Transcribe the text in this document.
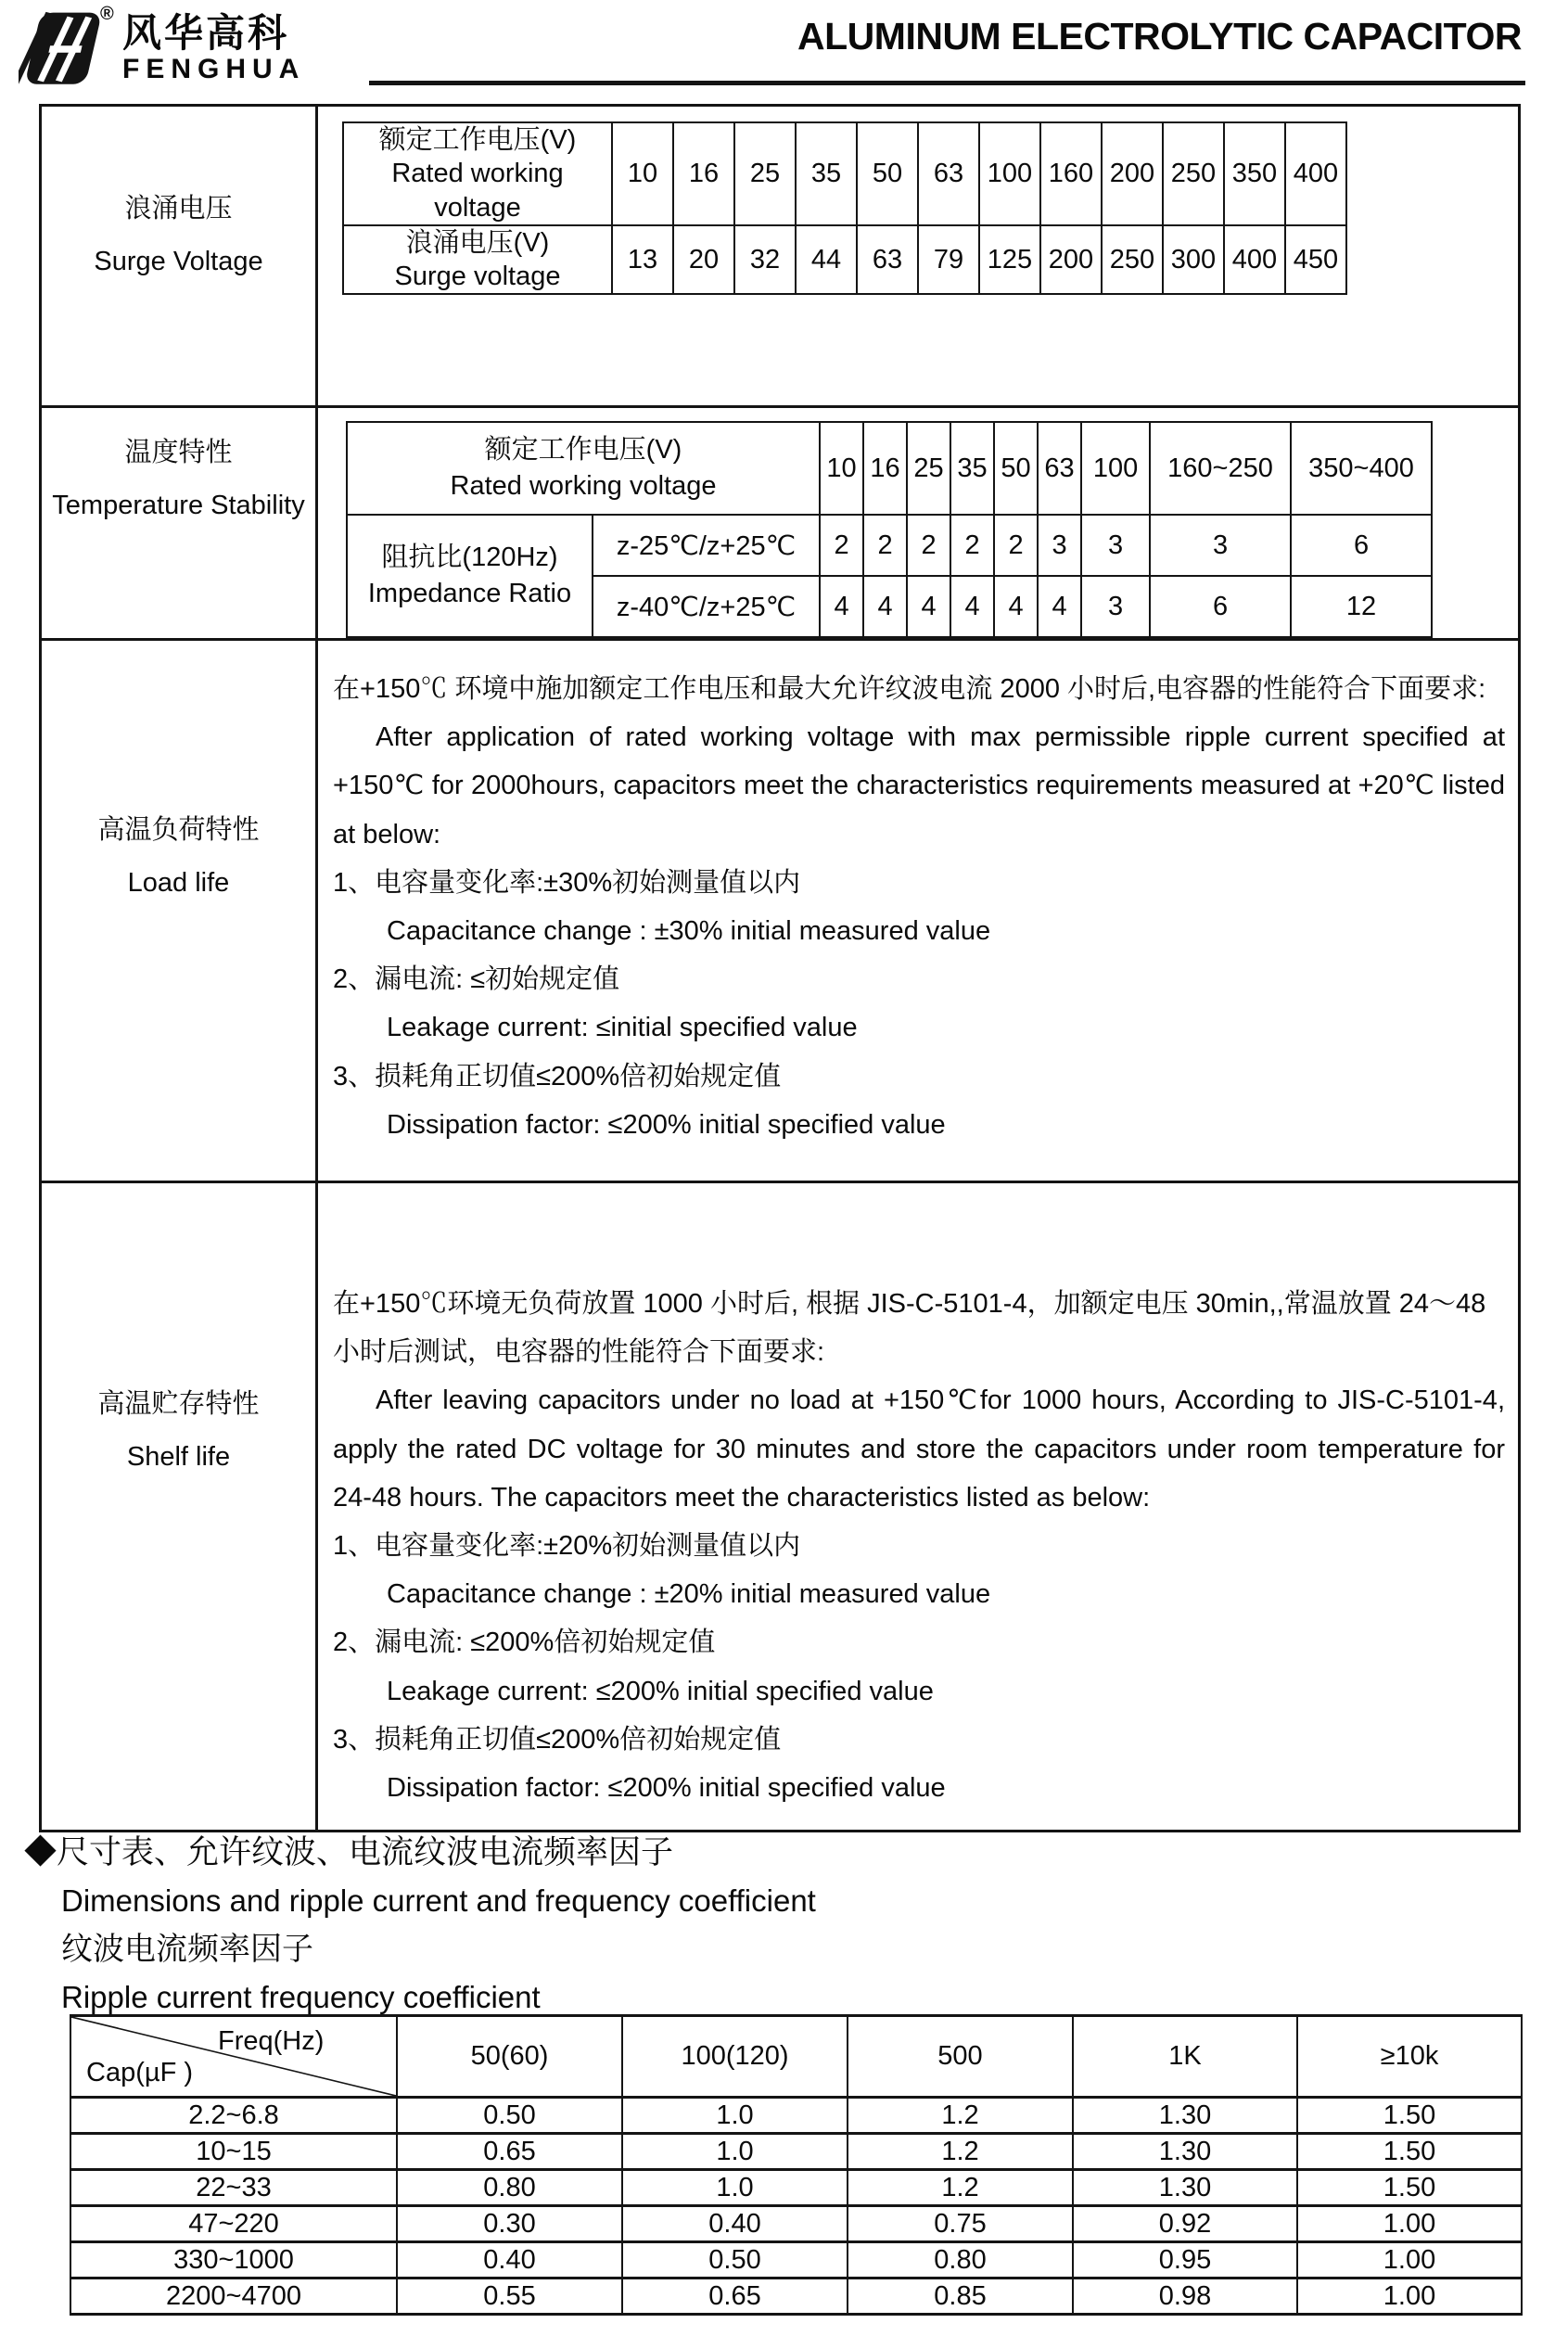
® 风华高科
FENGHUA
ALUMINUM ELECTROLYTIC CAPACITOR
浪涌电压
Surge Voltage

额定工作电压(V)
Rated working voltage
	10	16	25	35	50	63	100	160	200	250	350	400

浪涌电压(V)
Surge voltage
	13	20	32	44	63	79	125	200	250	300	400	450

温度特性
Temperature Stability

额定工作电压(V)
Rated working voltage
	10	16	25	35	50	63	100	160~250	350~400

阻抗比(120Hz)
Impedance Ratio
	z-25℃/z+25℃	2	2	2	2	2	3	3	3	6
z-40℃/z+25℃	4	4	4	4	4	4	3	6	12

高温负荷特性
Load life

在+150℃ 环境中施加额定工作电压和最大允许纹波电流 2000 小时后,电容器的性能符合下面要求:

After application of rated working voltage with max permissible ripple current specified at +150℃ for 2000hours, capacitors meet the characteristics requirements measured at +20℃ listed at below:

1、电容量变化率:±30%初始测量值以内

Capacitance change : ±30% initial measured value

2、漏电流: ≤初始规定值

Leakage current: ≤initial specified value

3、损耗角正切值≤200%倍初始规定值

Dissipation factor: ≤200% initial specified value

高温贮存特性
Shelf life

在+150℃环境无负荷放置 1000 小时后, 根据 JIS-C-5101-4，加额定电压 30min,,常温放置 24～48 小时后测试，电容器的性能符合下面要求:

After leaving capacitors under no load at +150℃for 1000 hours, According to JIS-C-5101-4, apply the rated DC voltage for 30 minutes and store the capacitors under room temperature for 24-48 hours. The capacitors meet the characteristics listed as below:

1、电容量变化率:±20%初始测量值以内

Capacitance change : ±20% initial measured value

2、漏电流: ≤200%倍初始规定值

Leakage current: ≤200% initial specified value

3、损耗角正切值≤200%倍初始规定值

Dissipation factor: ≤200% initial specified value

◆尺寸表、允许纹波、电流纹波电流频率因子
Dimensions and ripple current and frequency coefficient
纹波电流频率因子
Ripple current frequency coefficient
Freq(Hz)
Cap(µF )	50(60)	100(120)	500	1K	≥10k
2.2~6.8	0.50	1.0	1.2	1.30	1.50
10~15	0.65	1.0	1.2	1.30	1.50
22~33	0.80	1.0	1.2	1.30	1.50
47~220	0.30	0.40	0.75	0.92	1.00
330~1000	0.40	0.50	0.80	0.95	1.00
2200~4700	0.55	0.65	0.85	0.98	1.00
